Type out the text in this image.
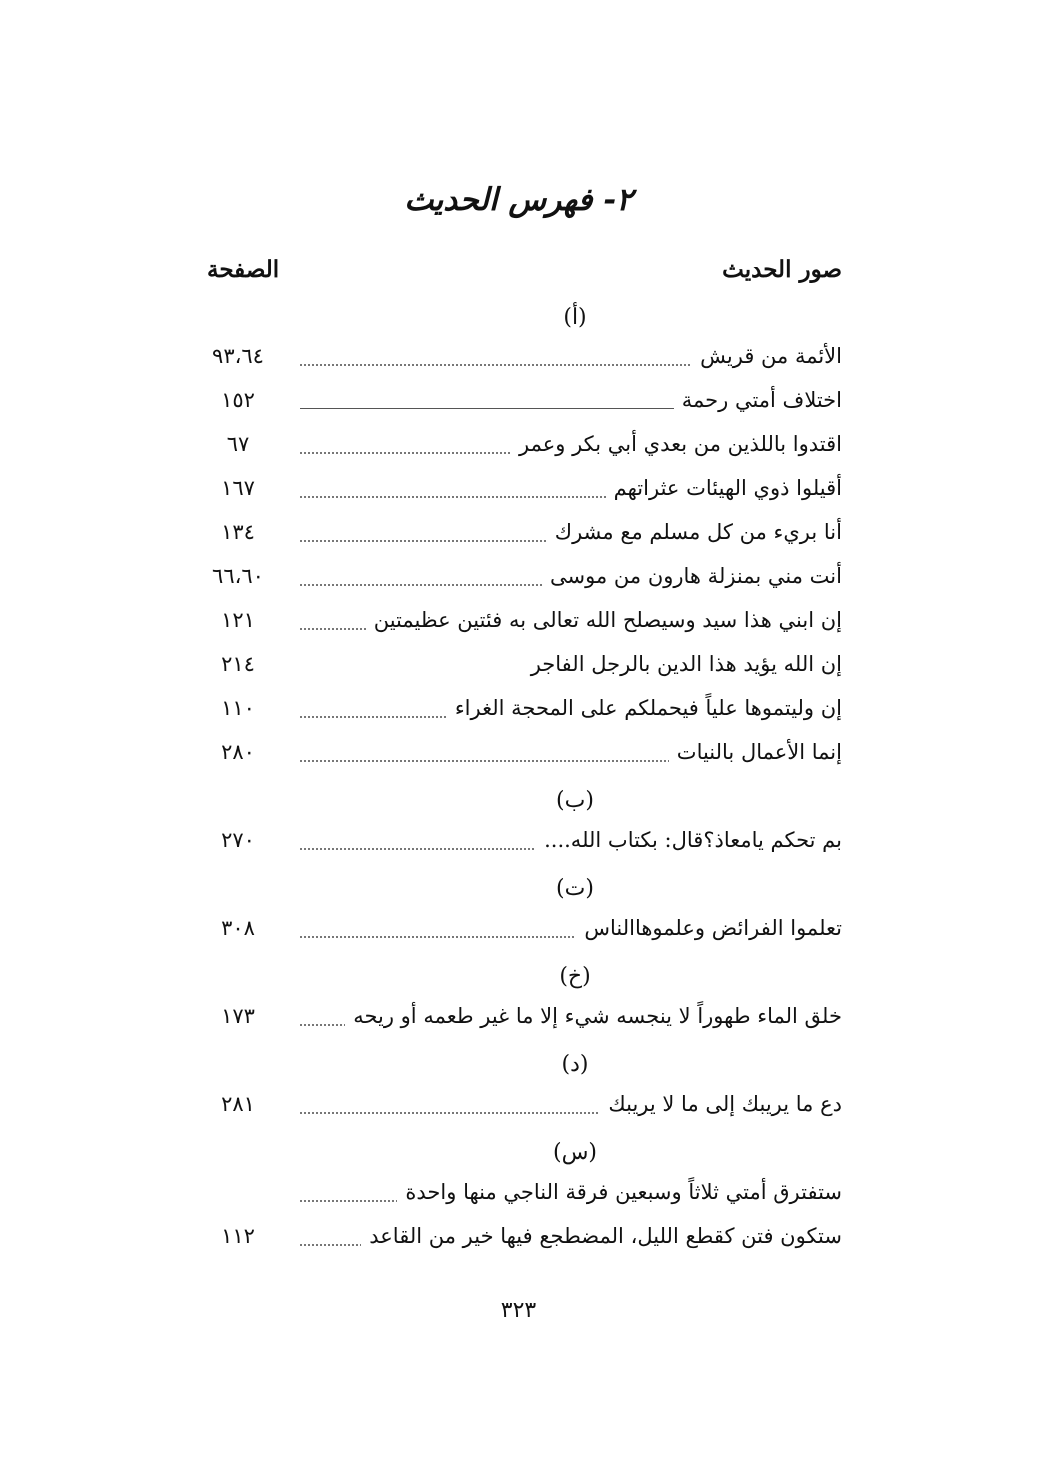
٢- فهرس الحديث
صور الحديث
الصفحة
(أ)
الأئمة من قريش
٩٣،٦٤
اختلاف أمتي رحمة
١٥٢
اقتدوا باللذين من بعدي أبي بكر وعمر
٦٧
أقيلوا ذوي الهيئات عثراتهم
١٦٧
أنا بريء من كل مسلم مع مشرك
١٣٤
أنت مني بمنزلة هارون من موسى
٦٦،٦٠
إن ابني هذا سيد وسيصلح الله تعالى به فئتين عظيمتين
١٢١
إن الله يؤيد هذا الدين بالرجل الفاجر
٢١٤
إن وليتموها علياً فيحملكم على المحجة الغراء
١١٠
إنما الأعمال بالنيات
٢٨٠
(ب)
بم تحكم يامعاذ؟قال: بكتاب الله....
٢٧٠
(ت)
تعلموا الفرائض وعلموهاالناس
٣٠٨
(خ)
خلق الماء طهوراً لا ينجسه شيء إلا ما غير طعمه أو ريحه
١٧٣
(د)
دع ما يريبك إلى ما لا يريبك
٢٨١
(س)
ستفترق أمتي ثلاثاً وسبعين فرقة الناجي منها واحدة
ستكون فتن كقطع الليل، المضطجع فيها خير من القاعد
١١٢
٣٢٣
